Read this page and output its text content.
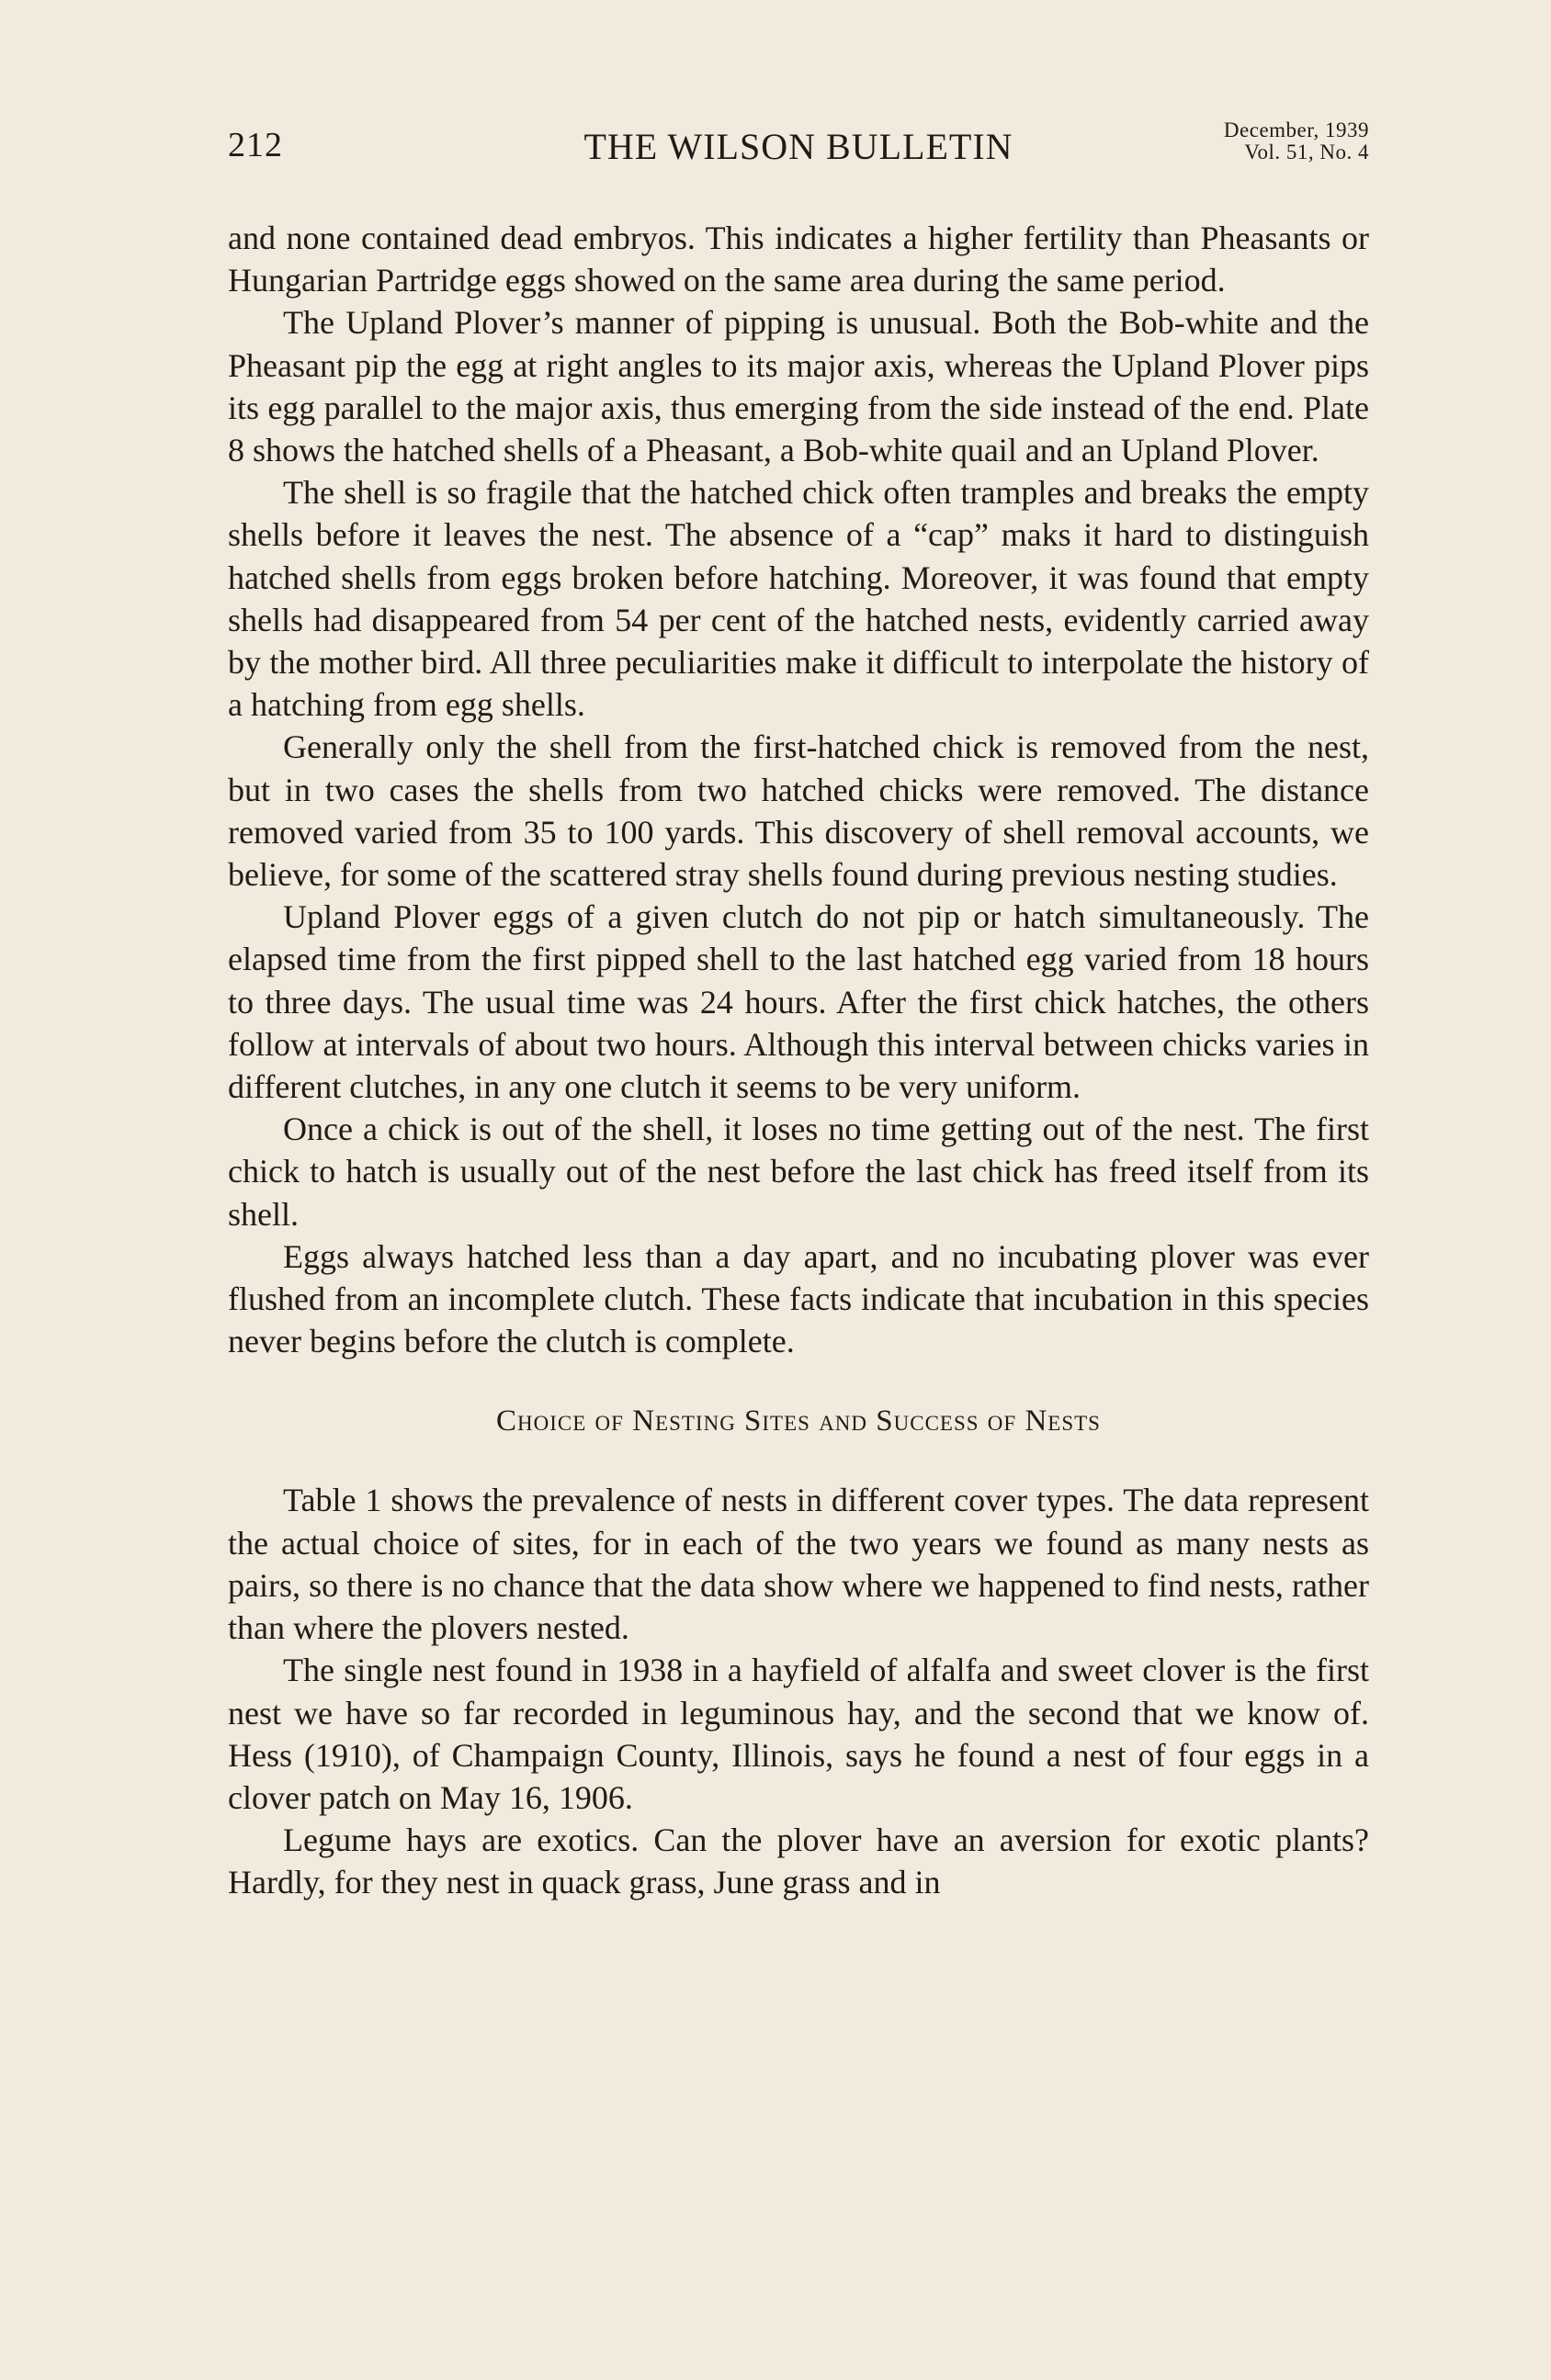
212	THE WILSON BULLETIN	December, 1939
Vol. 51, No. 4

and none contained dead embryos. This indicates a higher fertility than Pheasants or Hungarian Partridge eggs showed on the same area during the same period.

The Upland Plover’s manner of pipping is unusual. Both the Bob-white and the Pheasant pip the egg at right angles to its major axis, whereas the Upland Plover pips its egg parallel to the major axis, thus emerging from the side instead of the end. Plate 8 shows the hatched shells of a Pheasant, a Bob-white quail and an Upland Plover.

The shell is so fragile that the hatched chick often tramples and breaks the empty shells before it leaves the nest. The absence of a “cap” maks it hard to distinguish hatched shells from eggs broken before hatching. Moreover, it was found that empty shells had disappeared from 54 per cent of the hatched nests, evidently carried away by the mother bird. All three peculiarities make it difficult to interpolate the history of a hatching from egg shells.

Generally only the shell from the first-hatched chick is removed from the nest, but in two cases the shells from two hatched chicks were removed. The distance removed varied from 35 to 100 yards. This discovery of shell removal accounts, we believe, for some of the scattered stray shells found during previous nesting studies.

Upland Plover eggs of a given clutch do not pip or hatch simultaneously. The elapsed time from the first pipped shell to the last hatched egg varied from 18 hours to three days. The usual time was 24 hours. After the first chick hatches, the others follow at intervals of about two hours. Although this interval between chicks varies in different clutches, in any one clutch it seems to be very uniform.

Once a chick is out of the shell, it loses no time getting out of the nest. The first chick to hatch is usually out of the nest before the last chick has freed itself from its shell.

Eggs always hatched less than a day apart, and no incubating plover was ever flushed from an incomplete clutch. These facts indicate that incubation in this species never begins before the clutch is complete.

Choice of Nesting Sites and Success of Nests

Table 1 shows the prevalence of nests in different cover types. The data represent the actual choice of sites, for in each of the two years we found as many nests as pairs, so there is no chance that the data show where we happened to find nests, rather than where the plovers nested.

The single nest found in 1938 in a hayfield of alfalfa and sweet clover is the first nest we have so far recorded in leguminous hay, and the second that we know of. Hess (1910), of Champaign County, Illinois, says he found a nest of four eggs in a clover patch on May 16, 1906.

Legume hays are exotics. Can the plover have an aversion for exotic plants? Hardly, for they nest in quack grass, June grass and in
